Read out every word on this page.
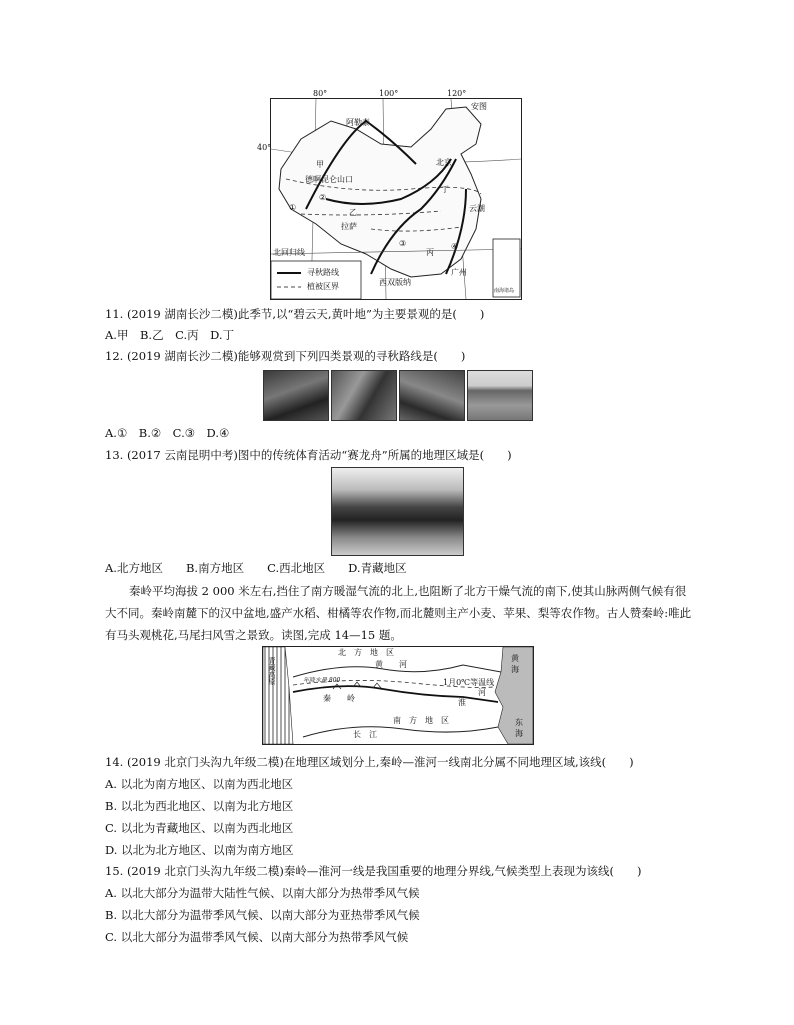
80°	100°	120°
40°
阿勒泰
德啊昆仑山口
拉萨
北京
云潮
西双版纳
广州
安图
北回归线
甲
乙
丙
丁
①
②
③	④
寻秋路线
植被区界	南海诸岛
11. (2019 湖南长沙二模)此季节,以“碧云天,黄叶地”为主要景观的是(　　)
A.甲　B.乙　C.丙　D.丁
12. (2019 湖南长沙二模)能够观赏到下列四类景观的寻秋路线是(　　)
A.①　B.②　C.③　D.④
13. (2017 云南昆明中考)图中的传统体育活动“赛龙舟”所属的地理区域是(　　)
A.北方地区　　B.南方地区　　C.西北地区　　D.青藏地区
秦岭平均海拔 2 000 米左右,挡住了南方暖湿气流的北上,也阻断了北方干燥气流的南下,使其山脉两侧气候有很大不同。秦岭南麓下的汉中盆地,盛产水稻、柑橘等农作物,而北麓则主产小麦、苹果、梨等农作物。古人赞秦岭:唯此有马头观桃花,马尾扫风雪之景致。读图,完成 14—15 题。
青藏高原
北　方　地　区
黄　　河
1月0℃等温线
年降水量 800
秦　　岭	淮
河
南　方　地　区
长　江
黄海
东海
14. (2019 北京门头沟九年级二模)在地理区域划分上,秦岭—淮河一线南北分属不同地理区域,该线(　　)
A. 以北为南方地区、以南为西北地区
B. 以北为西北地区、以南为北方地区
C. 以北为青藏地区、以南为西北地区
D. 以北为北方地区、以南为南方地区
15. (2019 北京门头沟九年级二模)秦岭—淮河一线是我国重要的地理分界线,气候类型上表现为该线(　　)
A. 以北大部分为温带大陆性气候、以南大部分为热带季风气候
B. 以北大部分为温带季风气候、以南大部分为亚热带季风气候
C. 以北大部分为温带季风气候、以南大部分为热带季风气候
